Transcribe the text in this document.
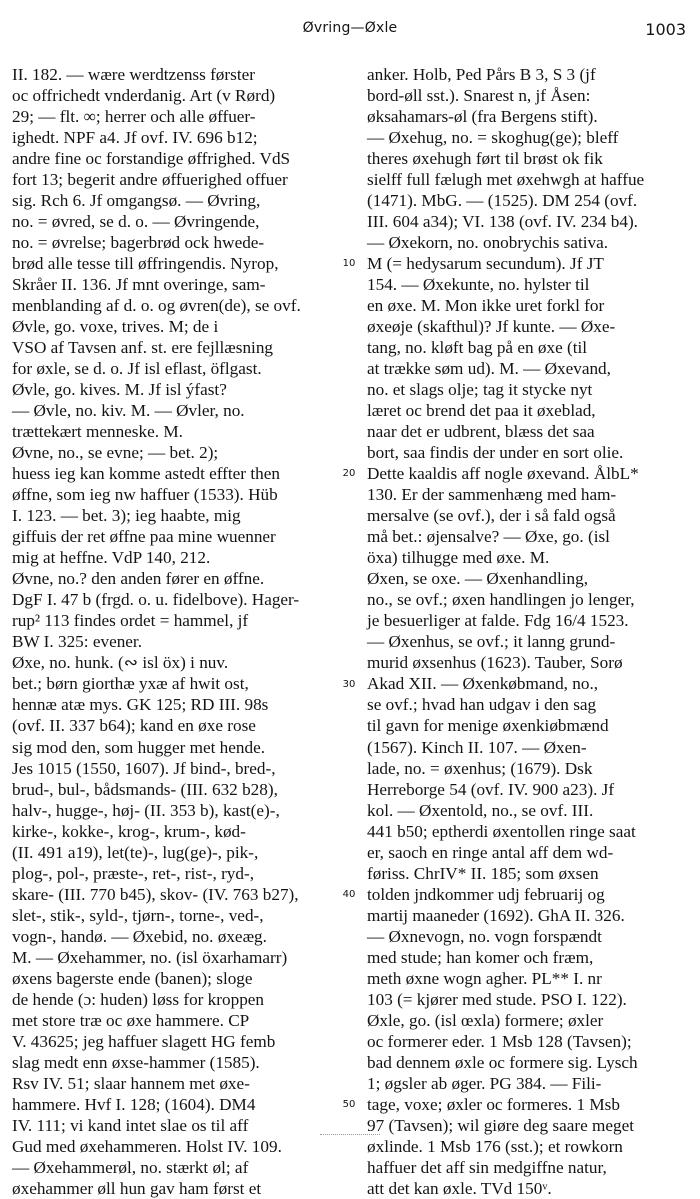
Øvring—Øxle	1003
II. 182. — wære werdtzenss førster
oc offrichedt vnderdanig. Art (v Rørd)
29; — flt. ∞; herrer och alle øffuer-
ighedt. NPF a4. Jf ovf. IV. 696 b12;
andre fine oc forstandige øffrighed. VdS
fort 13; begerit andre øffuerighed offuer
sig. Rch 6. Jf omgangsø. — Øvring,
no. = øvred, se d. o. — Øvringende,
no. = øvrelse; bagerbrød ock hwede-
brød alle tesse till øffringendis. Nyrop,
Skråer II. 136. Jf mnt overinge, sam-
menblanding af d. o. og øvren(de), se ovf.
Øvle, go. voxe, trives. M; de i
VSO af Tavsen anf. st. ere fejllæsning
for øxle, se d. o. Jf isl eflast, öflgast.
Øvle, go. kives. M. Jf isl ýfast?
— Øvle, no. kiv. M. — Øvler, no.
trættekært menneske. M.
Øvne, no., se evne; — bet. 2);
huess ieg kan komme astedt effter then
øffne, som ieg nw haffuer (1533). Hüb
I. 123. — bet. 3); ieg haabte, mig
giffuis der ret øffne paa mine wuenner
mig at heffne. VdP 140, 212.
Øvne, no.? den anden fører en øffne.
DgF I. 47 b (frgd. o. u. fidelbove). Hager-
rup² 113 findes ordet = hammel, jf
BW I. 325: evener.
Øxe, no. hunk. (∾ isl öx) i nuv.
bet.; børn giorthæ yxæ af hwit ost,
hennæ atæ mys. GK 125; RD III. 98s
(ovf. II. 337 b64); kand en øxe rose
sig mod den, som hugger met hende.
Jes 1015 (1550, 1607). Jf bind-, bred-,
brud-, bul-, bådsmands- (III. 632 b28),
halv-, hugge-, høj- (II. 353 b), kast(e)-,
kirke-, kokke-, krog-, krum-, kød-
(II. 491 a19), let(te)-, lug(ge)-, pik-,
plog-, pol-, præste-, ret-, rist-, ryd-,
skare- (III. 770 b45), skov- (IV. 763 b27),
slet-, stik-, syld-, tjørn-, torne-, ved-,
vogn-, handø. — Øxebid, no. øxeæg.
M. — Øxehammer, no. (isl öxarhamarr)
øxens bagerste ende (banen); sloge
de hende (ɔ: huden) løss for kroppen
met store træ oc øxe hammere. CP
V. 43625; jeg haffuer slagett HG femb
slag medt enn øxse-hammer (1585).
Rsv IV. 51; slaar hannem met øxe-
hammere. Hvf I. 128; (1604). DM4
IV. 111; vi kand intet slae os til aff
Gud med øxehammeren. Holst IV. 109.
— Øxehammerøl, no. stærkt øl; af
øxehammer øll hun gav ham først et
10
20
30
40
50
anker. Holb, Ped Pårs B 3, S 3 (jf
bord-øll sst.). Snarest n, jf Åsen:
øksahamars-øl (fra Bergens stift).
— Øxehug, no. = skoghug(ge); bleff
theres øxehugh ført til brøst ok fik
sielff full fælugh met øxehwgh at haffue
(1471). MbG. — (1525). DM 254 (ovf.
III. 604 a34); VI. 138 (ovf. IV. 234 b4).
— Øxekorn, no. onobrychis sativa.
M (= hedysarum secundum). Jf JT
154. — Øxekunte, no. hylster til
en øxe. M. Mon ikke uret forkl for
øxeøje (skafthul)? Jf kunte. — Øxe-
tang, no. kløft bag på en øxe (til
at trække søm ud). M. — Øxevand,
no. et slags olje; tag it stycke nyt
læret oc brend det paa it øxeblad,
naar det er udbrent, blæss det saa
bort, saa findis der under en sort olie.
Dette kaaldis aff nogle øxevand. ÅlbL*
130. Er der sammenhæng med ham-
mersalve (se ovf.), der i så fald også
må bet.: øjensalve? — Øxe, go. (isl
öxa) tilhugge med øxe. M.
Øxen, se oxe. — Øxenhandling,
no., se ovf.; øxen handlingen jo lenger,
je besuerliger at falde. Fdg 16/4 1523.
— Øxenhus, se ovf.; it lanng grund-
murid øxsenhus (1623). Tauber, Sorø
Akad XII. — Øxenkøbmand, no.,
se ovf.; hvad han udgav i den sag
til gavn for menige øxenkiøbmænd
(1567). Kinch II. 107. — Øxen-
lade, no. = øxenhus; (1679). Dsk
Herreborge 54 (ovf. IV. 900 a23). Jf
kol. — Øxentold, no., se ovf. III.
441 b50; eptherdi øxentollen ringe saat
er, saoch en ringe antal aff dem wd-
føriss. ChrIV* II. 185; som øxsen
tolden jndkommer udj februarij og
martij maaneder (1692). GhA II. 326.
— Øxnevogn, no. vogn forspændt
med stude; han komer och fræm,
meth øxne wogn agher. PL** I. nr
103 (= kjører med stude. PSO I. 122).
Øxle, go. (isl œxla) formere; øxler
oc formerer eder. 1 Msb 128 (Tavsen);
bad dennem øxle oc formere sig. Lysch
1; øgsler ab øger. PG 384. — Fili-
tage, voxe; øxler oc formeres. 1 Msb
97 (Tavsen); wil giøre deg saare meget
øxlinde. 1 Msb 176 (sst.); et rowkorn
haffuer det aff sin medgiffne natur,
att det kan øxle. TVd 150ᵛ.
